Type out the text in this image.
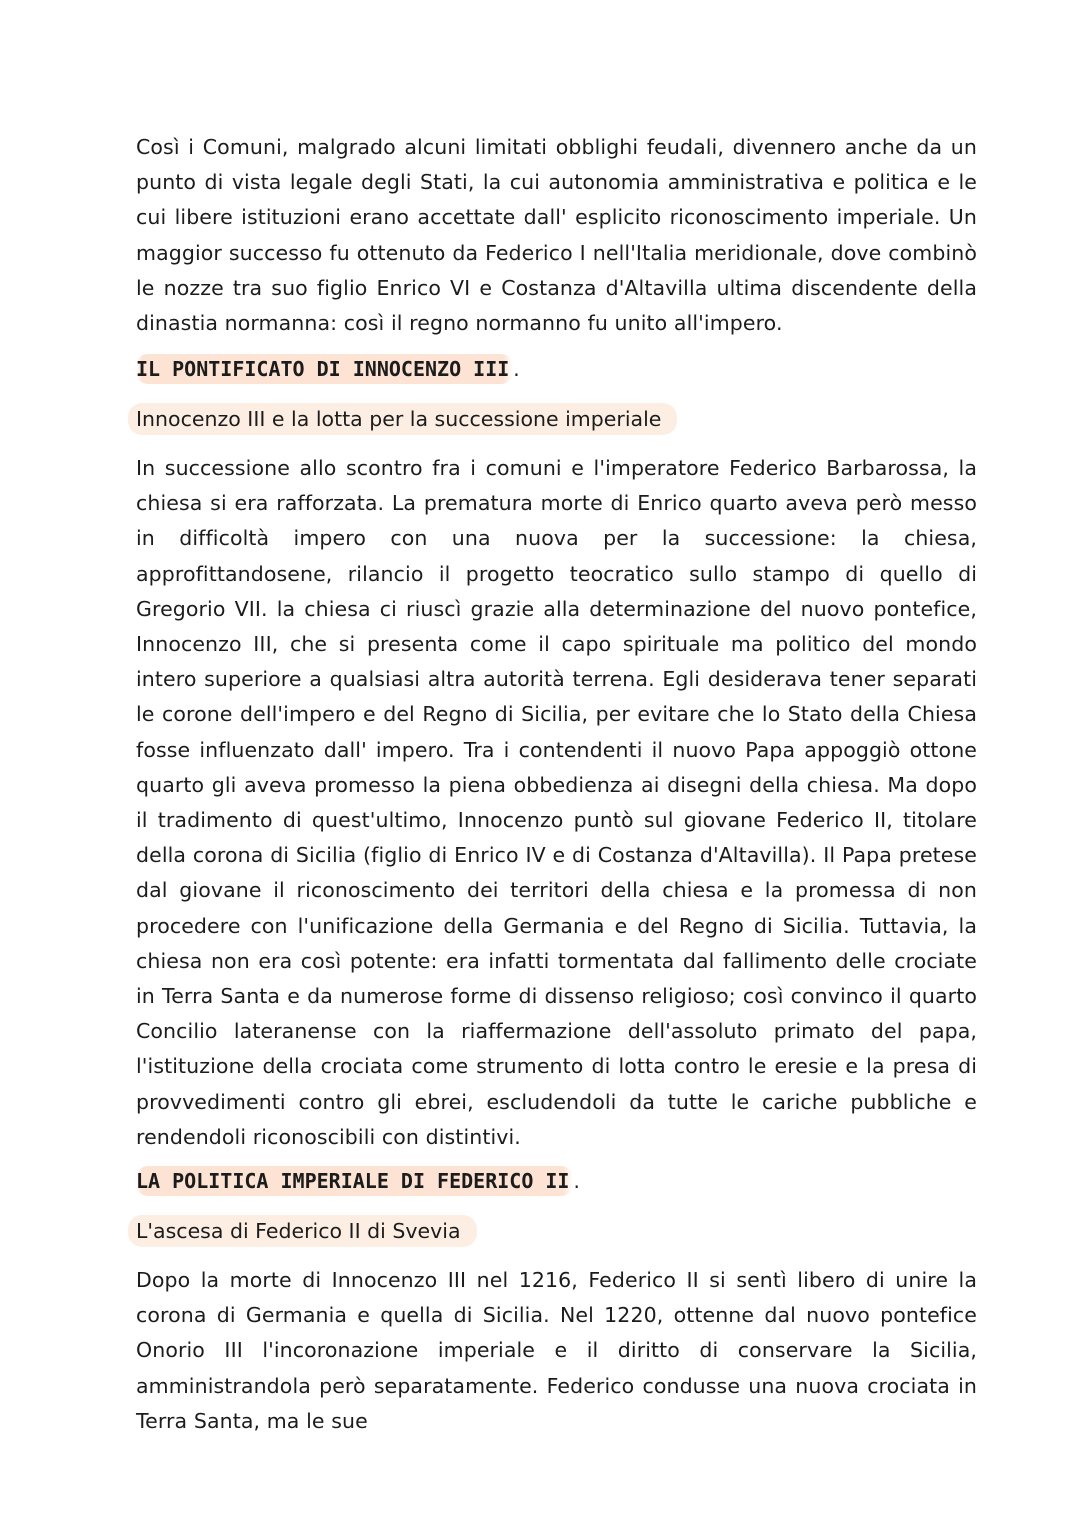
Così i Comuni, malgrado alcuni limitati obblighi feudali, divennero anche da un punto di vista legale degli Stati, la cui autonomia amministrativa e politica e le cui libere istituzioni erano accettate dall' esplicito riconoscimento imperiale. Un maggior successo fu ottenuto da Federico I nell'Italia meridionale, dove combinò le nozze tra suo figlio Enrico VI e Costanza d'Altavilla ultima discendente della dinastia normanna: così il regno normanno fu unito all'impero.

IL PONTIFICATO DI INNOCENZO III .
Innocenzo III e la lotta per la successione imperiale

In successione allo scontro fra i comuni e l'imperatore Federico Barbarossa, la chiesa si era rafforzata. La prematura morte di Enrico quarto aveva però messo in difficoltà impero con una nuova per la successione: la chiesa, approfittandosene, rilancio il progetto teocratico sullo stampo di quello di Gregorio VII. la chiesa ci riuscì grazie alla determinazione del nuovo pontefice, Innocenzo III, che si presenta come il capo spirituale ma politico del mondo intero superiore a qualsiasi altra autorità terrena. Egli desiderava tener separati le corone dell'impero e del Regno di Sicilia, per evitare che lo Stato della Chiesa fosse influenzato dall' impero. Tra i contendenti il nuovo Papa appoggiò ottone quarto gli aveva promesso la piena obbedienza ai disegni della chiesa. Ma dopo il tradimento di quest'ultimo, Innocenzo puntò sul giovane Federico II, titolare della corona di Sicilia (figlio di Enrico IV e di Costanza d'Altavilla). Il Papa pretese dal giovane il riconoscimento dei territori della chiesa e la promessa di non procedere con l'unificazione della Germania e del Regno di Sicilia. Tuttavia, la chiesa non era così potente: era infatti tormentata dal fallimento delle crociate in Terra Santa e da numerose forme di dissenso religioso; così convinco il quarto Concilio lateranense con la riaffermazione dell'assoluto primato del papa, l'istituzione della crociata come strumento di lotta contro le eresie e la presa di provvedimenti contro gli ebrei, escludendoli da tutte le cariche pubbliche e rendendoli riconoscibili con distintivi.

LA POLITICA IMPERIALE DI FEDERICO II .
L'ascesa di Federico II di Svevia

Dopo la morte di Innocenzo III nel 1216, Federico II si sentì libero di unire la corona di Germania e quella di Sicilia. Nel 1220, ottenne dal nuovo pontefice Onorio III l'incoronazione imperiale e il diritto di conservare la Sicilia, amministrandola però separatamente. Federico condusse una nuova crociata in Terra Santa, ma le sue
